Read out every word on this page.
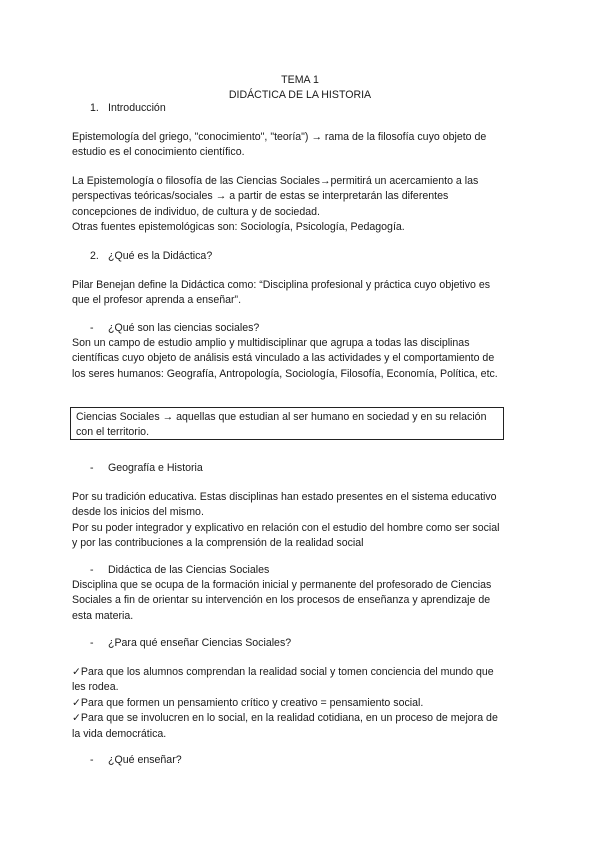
TEMA 1
DIDÁCTICA DE LA HISTORIA
1. Introducción
Epistemología del griego, "conocimiento", "teoría") → rama de la filosofía cuyo objeto de
estudio es el conocimiento científico.
La Epistemología o filosofía de las Ciencias Sociales→permitirá un acercamiento a las
perspectivas teóricas/sociales → a partir de estas se interpretarán las diferentes
concepciones de individuo, de cultura y de sociedad.
Otras fuentes epistemológicas son: Sociología, Psicología, Pedagogía.
2. ¿Qué es la Didáctica?
Pilar Benejan define la Didáctica como: “Disciplina profesional y práctica cuyo objetivo es
que el profesor aprenda a enseñar”.
- ¿Qué son las ciencias sociales?
Son un campo de estudio amplio y multidisciplinar que agrupa a todas las disciplinas
científicas cuyo objeto de análisis está vinculado a las actividades y el comportamiento de
los seres humanos: Geografía, Antropología, Sociología, Filosofía, Economía, Política, etc.
Ciencias Sociales → aquellas que estudian al ser humano en sociedad y en su relación
con el territorio.
- Geografía e Historia
Por su tradición educativa. Estas disciplinas han estado presentes en el sistema educativo
desde los inicios del mismo.
Por su poder integrador y explicativo en relación con el estudio del hombre como ser social
y por las contribuciones a la comprensión de la realidad social
- Didáctica de las Ciencias Sociales
Disciplina que se ocupa de la formación inicial y permanente del profesorado de Ciencias
Sociales a fin de orientar su intervención en los procesos de enseñanza y aprendizaje de
esta materia.
- ¿Para qué enseñar Ciencias Sociales?
✓Para que los alumnos comprendan la realidad social y tomen conciencia del mundo que
les rodea.
✓Para que formen un pensamiento crítico y creativo = pensamiento social.
✓Para que se involucren en lo social, en la realidad cotidiana, en un proceso de mejora de
la vida democrática.
- ¿Qué enseñar?
